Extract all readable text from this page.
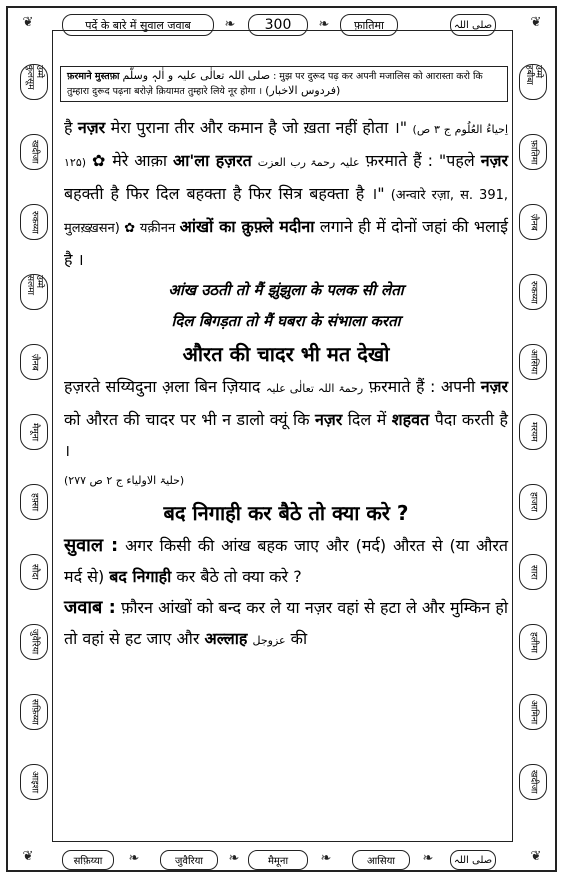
पर्दे के बारे में सुवाल जवाब	300	फ़ातिमा	صلی اللہ
❦	❦
❧	❧
❦	❦
❧	❧	❧	❧
उम्मे कुलसूम
खदीजा
रुकय्या
उम्मे सलमा
ज़ैनब
मैमूना
हफ़्सा
सौदा
जुवैरिया
सफ़िय्या
आइशा
उम्मे हबीबा
फ़ातिमा
ज़ैनब
रुकय्या
आसिया
मरयम
हाजरा
सारा
हलीमा
आमिना
खदीजा
फ़रमाने मुस्तफ़ा صلی اللہ تعالٰی علیہ و اٰلہٖ وسلّم : मुझ पर दुरूद पढ़ कर अपनी मजालिस को आरास्ता करो कि तुम्हारा दुरूद पढ़ना बरोज़े क़ियामत तुम्हारे लिये नूर होगा । (فردوس الاخبار)

है नज़र मेरा पुराना तीर और कमान है जो ख़ता नहीं होता ।" (اِحیاءُ العُلُوم ج ۳ ص ۱۲۵) ✿ मेरे आक़ा आ'ला हज़रत علیہ رحمۃ رب العزت फ़रमाते हैं : "पहले नज़र बहक्ती है फिर दिल बहक्ता है फिर सित्र बहक्ता है ।" (अन्वारे रज़ा, स. 391, मुलख़्ख़सन) ✿ यक़ीनन आंखों का क़ुफ़्ले मदीना लगाने ही में दोनों जहां की भलाई है ।

आंख उठती तो मैं झुंझुला के पलक सी लेता

दिल बिगड़ता तो मैं घबरा के संभाला करता

औरत की चादर भी मत देखो

हज़रते सय्यिदुना अ़ला बिन ज़ियाद رحمۃ اللہ تعالٰی علیہ फ़रमाते हैं : अपनी नज़र को औरत की चादर पर भी न डालो क्यूं कि नज़र दिल में शहवत पैदा करती है ।

(حلیۃ الاولیاء ج ۲ ص ۲۷۷)

बद निगाही कर बैठे तो क्या करे ?

सुवाल : अगर किसी की आंख बहक जाए और (मर्द) औरत से (या औरत मर्द से) बद निगाही कर बैठे तो क्या करे ?

जवाब : फ़ौरन आंखों को बन्द कर ले या नज़र वहां से हटा ले और मुम्किन हो तो वहां से हट जाए और अल्लाह عزوجل की

सफ़िय्या	जुवैरिया	मैमूना	आसिया	صلی اللہ
